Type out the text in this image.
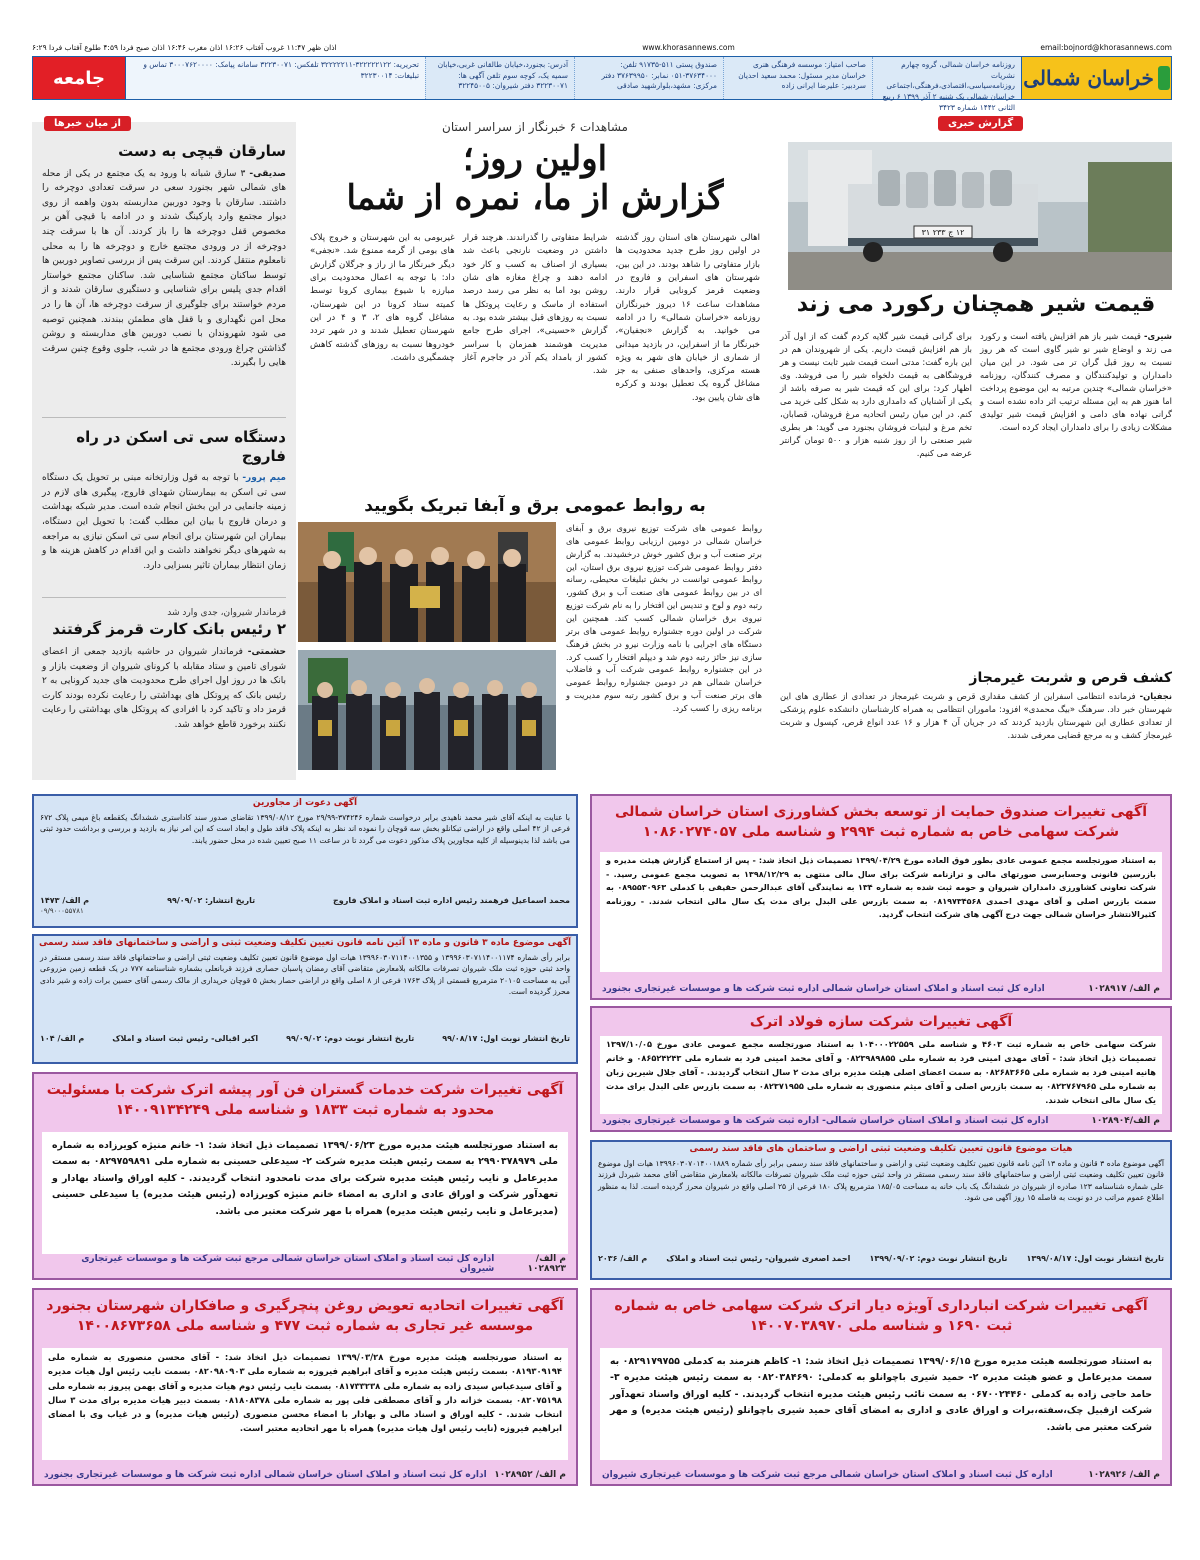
www.khorasannews.com	email:bojnord@khorasannews.com
اذان ظهر ۱۱:۴۷ غروب آفتاب ۱۶:۲۶ اذان مغرب ۱۶:۴۶ اذان صبح فردا ۴:۵۹ طلوع آفتاب فردا ۶:۲۹
خراسان شمالی
روزنامه خراسان شمالی، گروه چهارم نشریات روزنامه‌سیاسی،اقتصادی،فرهنگی،اجتماعی خراسان شمالی یک شنبه ۲ آذر ۱۳۹۹ ۶ ربیع الثانی ۱۴۴۲ شماره ۳۴۲۳
صاحب امتیاز: موسسه فرهنگی هنری خراسان مدیر مسئول: محمد سعید احدیان سردبیر: علیرضا ایرانی زاده
صندوق پستی ۵۱۱-۹۱۷۳۵ تلفن: ۳۷۶۳۴۰۰۰-۰۵۱ نمابر: ۳۷۶۳۹۹۵۰ دفتر مرکزی: مشهد،بلوارشهید صادقی
آدرس: بجنورد،خیابان طالقانی غربی،خیابان سمیه یک، کوچه سوم تلفن آگهی ها: ۳۲۲۳۰۰۷۱ دفتر شیروان: ۳۲۲۴۵۰۰۵
تحریریه: ۳۲۲۲۲۲۱۲۲-۳۲۲۲۲۲۱۱ تلفکس: ۳۲۲۳۰۰۷۱ سامانه پیامک: ۳۰۰۰۷۶۲۰۰۰۰ تماس و تبلیغات: ۳۲۲۳۰۰۱۴
جامعه
از میان خبرها
سارقان قیچی به دست

صدیقی- ۳ سارق شبانه با ورود به یک مجتمع در یکی از محله های شمالی شهر بجنورد سعی در سرقت تعدادی دوچرخه را داشتند. سارقان با وجود دوربین مداربسته بدون واهمه از روی دیوار مجتمع وارد پارکینگ شدند و در ادامه با قیچی آهن بر مخصوص قفل دوچرخه ها را باز کردند. آن ها با سرقت چند دوچرخه از در ورودی مجتمع خارج و دوچرخه ها را به محلی نامعلوم منتقل کردند. این سرقت پس از بررسی تصاویر دوربین ها توسط ساکنان مجتمع شناسایی شد. ساکنان مجتمع خواستار اقدام جدی پلیس برای شناسایی و دستگیری سارقان شدند و از مردم خواستند برای جلوگیری از سرقت دوچرخه ها، آن ها را در محل امن نگهداری و با قفل های مطمئن ببندند. همچنین توصیه می شود شهروندان با نصب دوربین های مداربسته و روشن گذاشتن چراغ ورودی مجتمع ها در شب، جلوی وقوع چنین سرقت هایی را بگیرند.

دستگاه سی تی اسکن در راه فاروج

میم پرور- با توجه به قول وزارتخانه مبنی بر تحویل یک دستگاه سی تی اسکن به بیمارستان شهدای فاروج، پیگیری های لازم در زمینه جانمایی در این بخش انجام شده است. مدیر شبکه بهداشت و درمان فاروج با بیان این مطلب گفت: با تحویل این دستگاه، بیماران این شهرستان برای انجام سی تی اسکن نیازی به مراجعه به شهرهای دیگر نخواهند داشت و این اقدام در کاهش هزینه ها و زمان انتظار بیماران تاثیر بسزایی دارد.

فرماندار شیروان، جدی وارد شد
۲ رئیس بانک کارت قرمز گرفتند

حشمتی- فرماندار شیروان در حاشیه بازدید جمعی از اعضای شورای تامین و ستاد مقابله با کرونای شیروان از وضعیت بازار و بانک ها در روز اول اجرای طرح محدودیت های جدید کرونایی به ۲ رئیس بانک که پروتکل های بهداشتی را رعایت نکرده بودند کارت قرمز داد و تاکید کرد با افرادی که پروتکل های بهداشتی را رعایت نکنند برخورد قاطع خواهد شد.

مشاهدات ۶ خبرنگار از سراسر استان
اولین روز؛
گزارش از ما، نمره از شما

اهالی شهرستان های استان روز گذشته در اولین روز طرح جدید محدودیت ها بازار متفاوتی را شاهد بودند. در این بین، شهرستان های اسفراین و فاروج در وضعیت قرمز کرونایی قرار دارند. مشاهدات ساعت ۱۶ دیروز خبرنگاران روزنامه «خراسان شمالی» را در ادامه می خوانید. به گزارش «نجفیان»، خبرنگار ما از اسفراین، در بازدید میدانی از شماری از خیابان های شهر به ویژه هسته مرکزی، واحدهای صنفی به جز مشاغل گروه یک تعطیل بودند و کرکره های شان پایین بود.

شرایط متفاوتی را گذراندند. هرچند قرار داشتن در وضعیت نارنجی باعث شد بسیاری از اصناف به کسب و کار خود ادامه دهند و چراغ مغازه های شان روشن بود اما به نظر می رسد درصد استفاده از ماسک و رعایت پروتکل ها نسبت به روزهای قبل بیشتر شده بود. به گزارش «حسینی»، اجرای طرح جامع مدیریت هوشمند همزمان با سراسر کشور از بامداد یکم آذر در جاجرم آغاز شد.

غیربومی به این شهرستان و خروج پلاک های بومی از گرمه ممنوع شد. «نجفی» دیگر خبرنگار ما از راز و جرگلان گزارش داد: با توجه به اعمال محدودیت برای مبارزه با شیوع بیماری کرونا توسط کمیته ستاد کرونا در این شهرستان، مشاغل گروه های ۲، ۳ و ۴ در این شهرستان تعطیل شدند و در شهر تردد خودروها نسبت به روزهای گذشته کاهش چشمگیری داشت.

گزارش خبری
۱۲ ج ۲۳۳ ۳۱
قیمت شیر همچنان رکورد می زند

شیری- قیمت شیر باز هم افزایش یافته است و رکورد می زند و اوضاع شیر نو شیر گاوی است که هر روز نسبت به روز قبل گران تر می شود. در این میان دامداران و تولیدکنندگان و مصرف کنندگان، روزنامه «خراسان شمالی» چندین مرتبه به این موضوع پرداخت اما هنوز هم به این مسئله ترتیب اثر داده نشده است و گرانی نهاده های دامی و افزایش قیمت شیر تولیدی مشکلات زیادی را برای دامداران ایجاد کرده است.

برای گرانی قیمت شیر گلایه کردم گفت که از اول آذر باز هم افزایش قیمت داریم. یکی از شهروندان هم در این باره گفت: مدتی است قیمت شیر ثابت نیست و هر فروشگاهی به قیمت دلخواه شیر را می فروشد. وی اظهار کرد: برای این که قیمت شیر به صرفه باشد از یکی از آشنایان که دامداری دارد به شکل کلی خرید می کنم. در این میان رئیس اتحادیه مرغ فروشان، قصابان، تخم مرغ و لبنیات فروشان بجنورد می گوید: هر بطری شیر صنعتی را از روز شنبه هزار و ۵۰۰ تومان گرانتر عرضه می کنیم.

کشف قرص و شربت غیرمجاز

نجفیان- فرمانده انتظامی اسفراین از کشف مقداری قرص و شربت غیرمجاز در تعدادی از عطاری های این شهرستان خبر داد. سرهنگ «بیگ محمدی» افزود: ماموران انتظامی به همراه کارشناسان دانشکده علوم پزشکی از تعدادی عطاری این شهرستان بازدید کردند که در جریان آن ۴ هزار و ۱۶ عدد انواع قرص، کپسول و شربت غیرمجاز کشف و به مرجع قضایی معرفی شدند.

به روابط عمومی برق و آبفا تبریک بگویید

روابط عمومی های شرکت توزیع نیروی برق و آبفای خراسان شمالی در دومین ارزیابی روابط عمومی های برتر صنعت آب و برق کشور خوش درخشیدند. به گزارش دفتر روابط عمومی شرکت توزیع نیروی برق استان، این روابط عمومی توانست در بخش تبلیغات محیطی، رسانه ای در بین روابط عمومی های صنعت آب و برق کشور، رتبه دوم و لوح و تندیس این افتخار را به نام شرکت توزیع نیروی برق خراسان شمالی کسب کند. همچنین این شرکت در اولین دوره جشنواره روابط عمومی های برتر دستگاه های اجرایی با نامه وزارت نیرو در بخش فرهنگ سازی نیز حائز رتبه دوم شد و دیپلم افتخار را کسب کرد. در این جشنواره روابط عمومی شرکت آب و فاضلاب خراسان شمالی هم در دومین جشنواره روابط عمومی های برتر صنعت آب و برق کشور رتبه سوم مدیریت و برنامه ریزی را کسب کرد.

آگهی دعوت از مجاورین
با عنایت به اینکه آقای شیر محمد ناهیدی برابر درخواست شماره ۳۷۴۲۴۶-۲۹/۹۹ مورخ ۱۳۹۹/۰۸/۱۲ تقاضای صدور سند کاداستری ششدانگ یکقطعه باغ میمی پلاک ۶۷۲ فرعی از ۴۲ اصلی واقع در اراضی تبکانلو بخش سه قوچان را نموده اند نظر به اینکه پلاک فاقد طول و ابعاد است که این امر نیاز به بازدید و بررسی و برداشت حدود ثبتی می باشد لذا بدینوسیله از کلیه مجاورین پلاک مذکور دعوت می گردد تا در ساعت ۱۱ صبح تعیین شده در محل حضور یابند.
محمد اسماعیل فرهمند رئیس اداره ثبت اسناد و املاک فاروج
تاریخ انتشار: ۹۹/۰۹/۰۲
م الف/ ۱۴۷۳
۰۹/۹۰۰۰۵۵۷۸۱
آگهی تغییرات صندوق حمایت از توسعه بخش کشاورزی استان خراسان شمالی شرکت سهامی خاص به شماره ثبت ۲۹۹۴ و شناسه ملی ۱۰۸۶۰۲۷۴۰۵۷
به استناد صورتجلسه مجمع عمومی عادی بطور فوق العاده مورخ ۱۳۹۹/۰۴/۲۹ تصمیمات ذیل اتخاذ شد: - پس از استماع گزارش هیئت مدیره و بازرسین قانونی وحسابرسی صورتهای مالی و ترازنامه شرکت برای سال مالی منتهی به ۱۳۹۸/۱۲/۲۹ به تصویب مجمع عمومی رسید. - شرکت تعاونی کشاورزی دامداران شیروان و حومه ثبت شده به شماره ۱۳۴ به نمایندگی آقای عبدالرحمن حقیقی با کدملی ۰۸۹۵۵۳۰۹۶۳ به سمت بازرس اصلی و آقای مهدی احمدی ۰۸۱۹۷۳۴۵۶۸ به سمت بازرس علی البدل برای مدت یک سال مالی انتخاب شدند. - روزنامه کثیرالانتشار خراسان شمالی جهت درج آگهی های شرکت انتخاب گردید.
م الف/ ۱۰۲۸۹۱۷
اداره کل ثبت اسناد و املاک استان خراسان شمالی اداره ثبت شرکت ها و موسسات غیرتجاری بجنورد
آگهی موضوع ماده ۳ قانون و ماده ۱۳ آئین نامه قانون تعیین تکلیف وضعیت ثبتی و اراضی و ساختمانهای فاقد سند رسمی
برابر رأی شماره ۱۳۹۹۶۰۳۰۷۱۱۴۰۰۱۱۷۴ و ۱۳۹۹۶۰۳۰۷۱۱۴۰۰۱۳۵۵ هیات اول موضوع قانون تعیین تکلیف وضعیت ثبتی اراضی و ساختمانهای فاقد سند رسمی مستقر در واحد ثبتی حوزه ثبت ملک شیروان تصرفات مالکانه بلامعارض متقاضی آقای رمضان پاسبان حصاری فرزند قربانعلی بشماره شناسنامه ۷۷۷ در یک قطعه زمین مزروعی آبی به مساحت ۲۰۱۰۵ مترمربع قسمتی از پلاک ۱۷۶۳ فرعی از ۸ اصلی واقع در اراضی حصار بخش ۵ قوچان خریداری از مالک رسمی آقای حسین برات زاده و شیر دادی محرز گردیده است.
تاریخ انتشار نوبت اول: ۹۹/۰۸/۱۷
تاریخ انتشار نوبت دوم: ۹۹/۰۹/۰۲
اکبر اقبالی- رئیس ثبت اسناد و املاک
م الف/ ۱۰۴
آگهی تغییرات شرکت سازه فولاد اترک
شرکت سهامی خاص به شماره ثبت ۴۶۰۳ و شناسه ملی ۱۰۴۰۰۰۲۲۵۵۹ به استناد صورتجلسه مجمع عمومی عادی مورخ ۱۳۹۷/۱۰/۰۵ تصمیمات ذیل اتخاذ شد: - آقای مهدی امینی فرد به شماره ملی ۰۸۲۳۹۸۹۸۵۵ و آقای محمد امینی فرد به شماره ملی ۰۸۶۵۲۴۲۴۳ و خانم هانیه امینی فرد به شماره ملی ۰۸۲۶۸۳۶۶۵ به سمت اعضای اصلی هیئت مدیره برای مدت ۲ سال انتخاب گردیدند. - آقای جلال شیرین زبان به شماره ملی ۰۸۲۳۷۶۷۹۶۵ به سمت بازرس اصلی و آقای میثم منصوری به شماره ملی ۰۸۲۳۷۱۹۵۵ به سمت بازرس علی البدل برای مدت یک سال مالی انتخاب شدند.
م الف/۱۰۲۸۹۰۴
اداره کل ثبت اسناد و املاک استان خراسان شمالی- اداره ثبت شرکت ها و موسسات غیرتجاری بجنورد
آگهی تغییرات شرکت خدمات گستران فن آور پیشه اترک شرکت با مسئولیت محدود به شماره ثبت ۱۸۳۳ و شناسه ملی ۱۴۰۰۹۱۳۴۲۴۹
به استناد صورتجلسه هیئت مدیره مورخ ۱۳۹۹/۰۶/۲۳ تصمیمات ذیل اتخاذ شد: ۱- خانم منیژه کویرزاده به شماره ملی ۲۹۹۰۳۷۸۹۷۹ به سمت رئیس هیئت مدیره شرکت ۲- سیدعلی حسینی به شماره ملی ۰۸۲۹۷۵۹۸۹۱ به سمت مدیرعامل و نایب رئیس هیئت مدیره شرکت برای مدت نامحدود انتخاب گردیدند. - کلیه اوراق واسناد بهادار و تعهدآور شرکت و اوراق عادی و اداری به امضاء خانم منیژه کویرزاده (رئیس هیئت مدیره) یا سیدعلی حسینی (مدیرعامل و نایب رئیس هیئت مدیره) همراه با مهر شرکت معتبر می باشد.
م الف/ ۱۰۲۸۹۲۳
اداره کل ثبت اسناد و املاک استان خراسان شمالی مرجع ثبت شرکت ها و موسسات غیرتجاری شیروان
هیات موضوع قانون تعیین تکلیف وضعیت ثبتی اراضی و ساختمان های فاقد سند رسمی
آگهی موضوع ماده ۳ قانون و ماده ۱۳ آئین نامه قانون تعیین تکلیف وضعیت ثبتی و اراضی و ساختمانهای فاقد سند رسمی برابر رأی شماره ۱۳۹۹۶۰۳۰۷۰۱۴۰۰۱۸۸۹ هیات اول موضوع قانون تعیین تکلیف وضعیت ثبتی اراضی و ساختمانهای فاقد سند رسمی مستقر در واحد ثبتی حوزه ثبت ملک شیروان تصرفات مالکانه بلامعارض متقاضی آقای محمد شیردل فرزند علی شماره شناسنامه ۱۲۳ صادره از شیروان در ششدانگ یک باب خانه به مساحت ۱۸۵/۰۵ مترمربع پلاک ۱۸۰ فرعی از ۲۵ اصلی واقع در شیروان محرز گردیده است. لذا به منظور اطلاع عموم مراتب در دو نوبت به فاصله ۱۵ روز آگهی می شود.
تاریخ انتشار نوبت اول: ۱۳۹۹/۰۸/۱۷
تاریخ انتشار نوبت دوم: ۱۳۹۹/۰۹/۰۲
احمد اصغری شیروان- رئیس ثبت اسناد و املاک
م الف/ ۲۰۳۶
آگهی تغییرات اتحادیه تعویض روغن پنچرگیری و صافکاران شهرستان بجنورد موسسه غیر تجاری به شماره ثبت ۴۷۷ و شناسه ملی ۱۴۰۰۸۶۷۳۶۵۸
به استناد صورتجلسه هیئت مدیره مورخ ۱۳۹۹/۰۳/۲۸ تصمیمات ذیل اتخاذ شد: - آقای محسن منصوری به شماره ملی ۰۸۱۹۳۰۹۱۹۴ بسمت رئیس هیئت مدیره و آقای ابراهیم فیروزه به شماره ملی ۰۸۲۰۹۸۰۹۰۳ بسمت نایب رئیس اول هیات مدیره و آقای سیدعباس سیدی زاده به شماره ملی ۰۸۱۷۳۳۲۳۸ بسمت نایب رئیس دوم هیات مدیره و آقای بهمن پیروز به شماره ملی ۰۸۲۰۷۵۱۹۸ بسمت خزانه دار و آقای مصطفی فلی پور به شماره ملی ۰۸۱۸۰۸۳۷۸ بسمت دبیر هیات مدیره برای مدت ۳ سال انتخاب شدند. - کلیه اوراق و اسناد مالی و بهادار با امضاء محسن منصوری (رئیس هیات مدیره) و در غیاب وی با امضای ابراهیم فیروزه (نایب رئیس اول هیات مدیره) همراه با مهر اتحادیه معتبر است.
م الف/ ۱۰۲۸۹۵۲
اداره کل ثبت اسناد و املاک استان خراسان شمالی اداره ثبت شرکت ها و موسسات غیرتجاری بجنورد
آگهی تغییرات شرکت انبارداری آویژه دیار اترک شرکت سهامی خاص به شماره ثبت ۱۶۹۰ و شناسه ملی ۱۴۰۰۷۰۳۸۹۷۰
به استناد صورتجلسه هیئت مدیره مورخ ۱۳۹۹/۰۶/۱۵ تصمیمات ذیل اتخاذ شد: ۱- کاظم هنرمند به کدملی ۰۸۲۹۱۷۹۷۵۵ به سمت مدیرعامل و عضو هیئت مدیره ۲- حمید شیری باچوانلو به کدملی: ۰۸۲۰۳۸۴۶۹۰ به سمت رئیس هیئت مدیره ۳- حامد حاجی زاده به کدملی ۰۶۷۰۰۲۴۴۶۰ به سمت نائب رئیس هیئت مدیره انتخاب گردیدند. - کلیه اوراق واسناد تعهدآور شرکت ازقبیل چک،سفته،برات و اوراق عادی و اداری به امضای آقای حمید شیری باچوانلو (رئیس هیئت مدیره) و مهر شرکت معتبر می باشد.
م الف/ ۱۰۲۸۹۲۶
اداره کل ثبت اسناد و املاک استان خراسان شمالی مرجع ثبت شرکت ها و موسسات غیرتجاری شیروان
